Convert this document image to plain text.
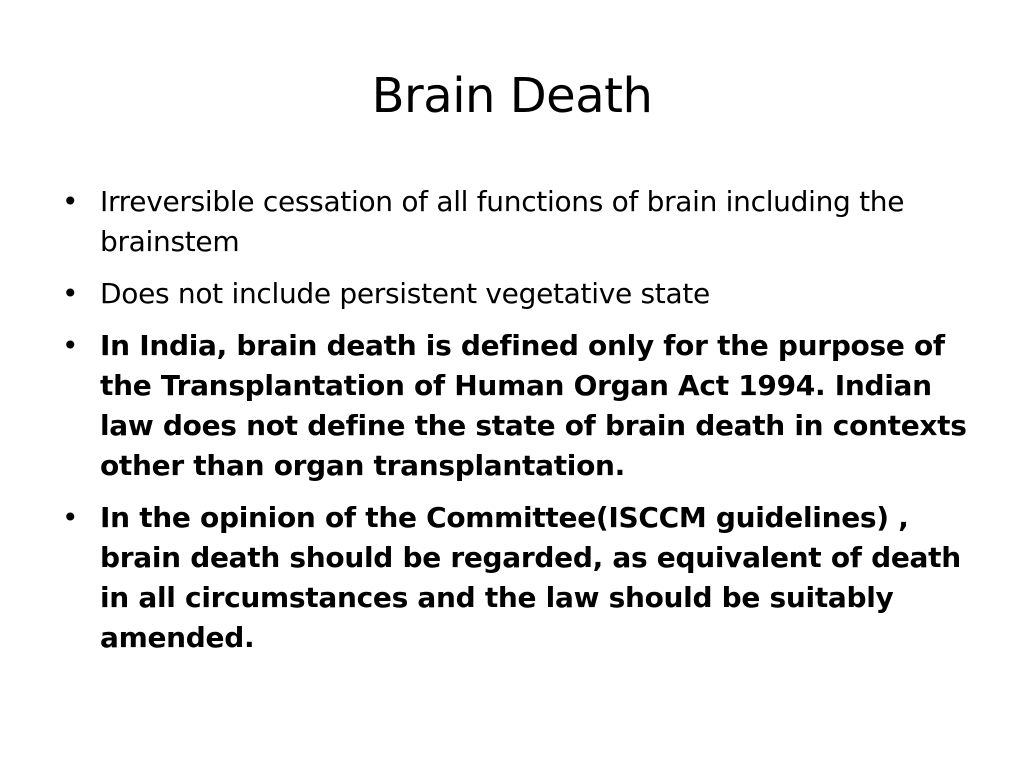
Brain Death
• Irreversible cessation of all functions of brain including the brainstem
• Does not include persistent vegetative state
• In India, brain death is defined only for the purpose of the Transplantation of Human Organ Act 1994. Indian law does not define the state of brain death in contexts other than organ transplantation.
• In the opinion of the Committee(ISCCM guidelines) , brain death should be regarded, as equivalent of death in all circumstances and the law should be suitably amended.
